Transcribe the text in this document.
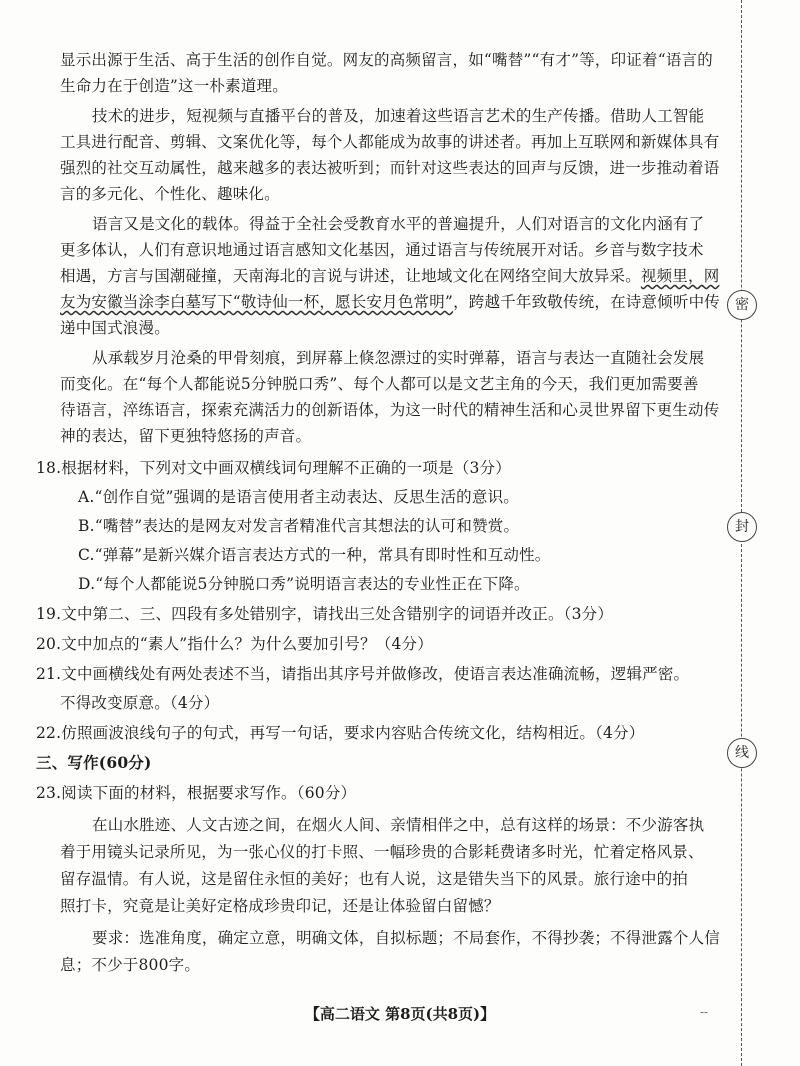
显示出源于生活、高于生活的创作自觉。网友的高频留言，如“嘴替”“有才”等，印证着“语言的
生命力在于创造”这一朴素道理。
技术的进步，短视频与直播平台的普及，加速着这些语言艺术的生产传播。借助人工智能
工具进行配音、剪辑、文案优化等，每个人都能成为故事的讲述者。再加上互联网和新媒体具有
强烈的社交互动属性，越来越多的表达被听到；而针对这些表达的回声与反馈，进一步推动着语
言的多元化、个性化、趣味化。
语言又是文化的载体。得益于全社会受教育水平的普遍提升，人们对语言的文化内涵有了
更多体认，人们有意识地通过语言感知文化基因，通过语言与传统展开对话。乡音与数字技术
相遇，方言与国潮碰撞，天南海北的言说与讲述，让地域文化在网络空间大放异采。视频里，网
友为安徽当涂李白墓写下“敬诗仙一杯，愿长安月色常明”，跨越千年致敬传统，在诗意倾听中传
递中国式浪漫。
从承载岁月沧桑的甲骨刻痕，到屏幕上倏忽漂过的实时弹幕，语言与表达一直随社会发展
而变化。在“每个人都能说5分钟脱口秀”、每个人都可以是文艺主角的今天，我们更加需要善
待语言，淬练语言，探索充满活力的创新语体，为这一时代的精神生活和心灵世界留下更生动传
神的表达，留下更独特悠扬的声音。
18.根据材料，下列对文中画双横线词句理解不正确的一项是（3分）
A.“创作自觉”强调的是语言使用者主动表达、反思生活的意识。
B.“嘴替”表达的是网友对发言者精准代言其想法的认可和赞赏。
C.“弹幕”是新兴媒介语言表达方式的一种，常具有即时性和互动性。
D.“每个人都能说5分钟脱口秀”说明语言表达的专业性正在下降。
19.文中第二、三、四段有多处错别字，请找出三处含错别字的词语并改正。（3分）
20.文中加点的“素人”指什么？为什么要加引号？（4分）
21.文中画横线处有两处表述不当，请指出其序号并做修改，使语言表达准确流畅，逻辑严密。
不得改变原意。（4分）
22.仿照画波浪线句子的句式，再写一句话，要求内容贴合传统文化，结构相近。（4分）
三、写作(60分)
23.阅读下面的材料，根据要求写作。（60分）
在山水胜迹、人文古迹之间，在烟火人间、亲情相伴之中，总有这样的场景：不少游客执
着于用镜头记录所见，为一张心仪的打卡照、一幅珍贵的合影耗费诸多时光，忙着定格风景、
留存温情。有人说，这是留住永恒的美好；也有人说，这是错失当下的风景。旅行途中的拍
照打卡，究竟是让美好定格成珍贵印记，还是让体验留白留憾？
要求：选准角度，确定立意，明确文体，自拟标题；不局套作，不得抄袭；不得泄露个人信
息；不少于800字。
【高二语文 第8页(共8页)】	--
密
封
线
